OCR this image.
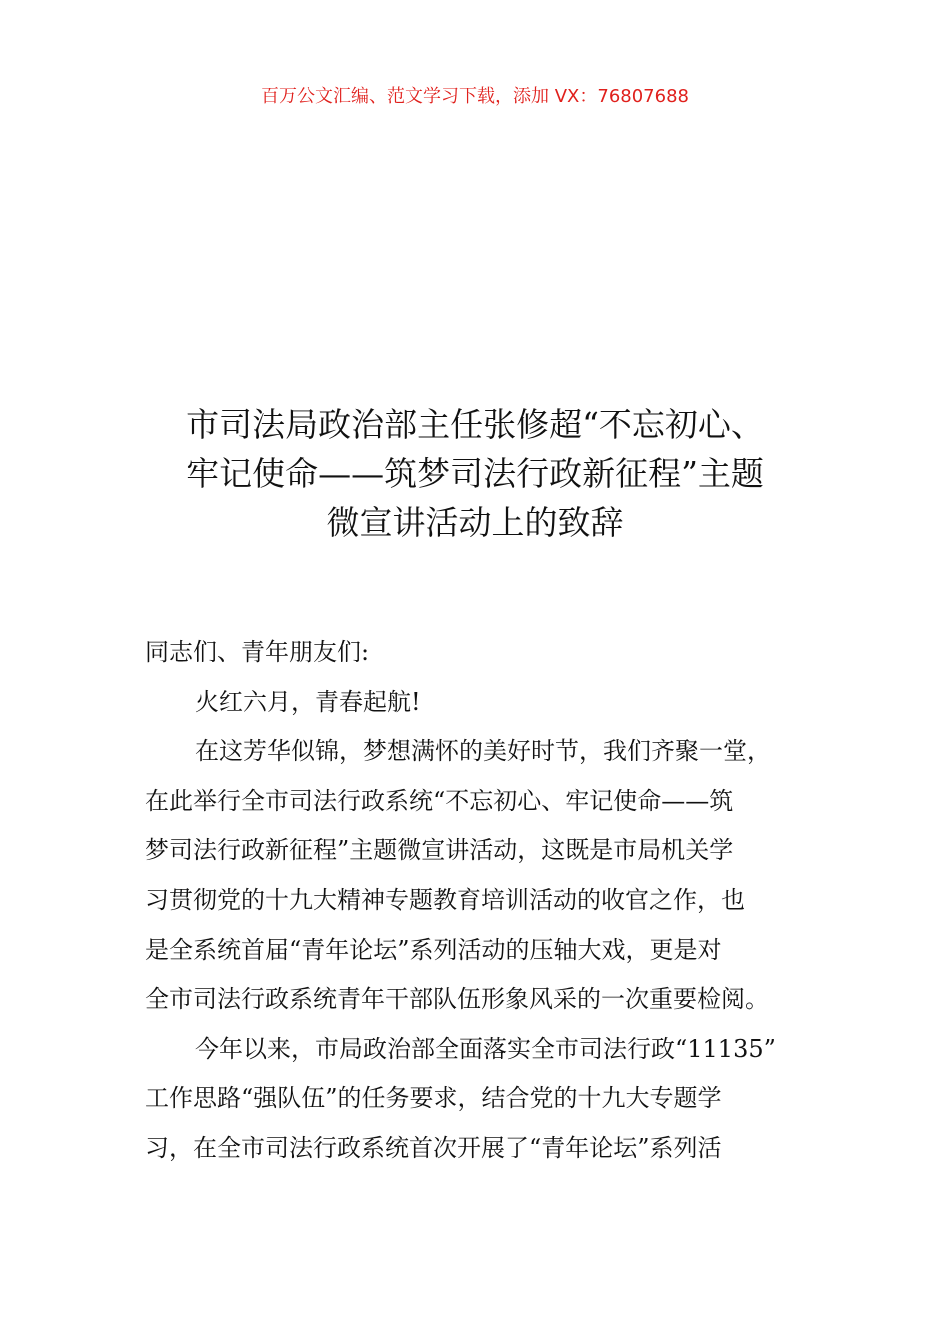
百万公文汇编、范文学习下载，添加 VX：76807688
市司法局政治部主任张修超“不忘初心、
牢记使命——筑梦司法行政新征程”主题
微宣讲活动上的致辞
同志们、青年朋友们:
火红六月，青春起航!
在这芳华似锦，梦想满怀的美好时节，我们齐聚一堂，
在此举行全市司法行政系统“不忘初心、牢记使命——筑
梦司法行政新征程”主题微宣讲活动，这既是市局机关学
习贯彻党的十九大精神专题教育培训活动的收官之作，也
是全系统首届“青年论坛”系列活动的压轴大戏，更是对
全市司法行政系统青年干部队伍形象风采的一次重要检阅。
今年以来，市局政治部全面落实全市司法行政“11135”
工作思路“强队伍”的任务要求，结合党的十九大专题学
习，在全市司法行政系统首次开展了“青年论坛”系列活
